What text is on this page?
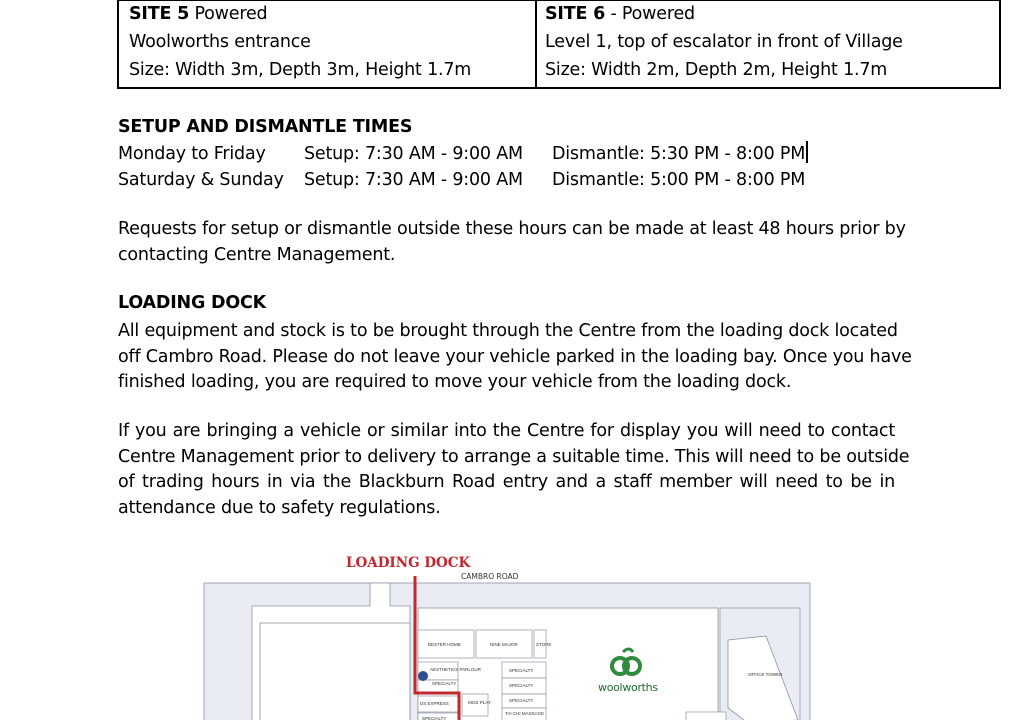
SITE 5 Powered
Woolworths entrance
Size: Width 3m, Depth 3m, Height 1.7m
SITE 6 - Powered
Level 1, top of escalator in front of Village
Size: Width 2m, Depth 2m, Height 1.7m
SETUP AND DISMANTLE TIMES
Monday to Friday Setup: 7:30 AM - 9:00 AM Dismantle: 5:30 PM - 8:00 PM
Saturday & Sunday Setup: 7:30 AM - 9:00 AM Dismantle: 5:00 PM - 8:00 PM
Requests for setup or dismantle outside these hours can be made at least 48 hours prior by
contacting Centre Management.
LOADING DOCK
All equipment and stock is to be brought through the Centre from the loading dock located
off Cambro Road. Please do not leave your vehicle parked in the loading bay. Once you have
finished loading, you are required to move your vehicle from the loading dock.
If you are bringing a vehicle or similar into the Centre for display you will need to contact
Centre Management prior to delivery to arrange a suitable time. This will need to be outside
of trading hours in via the Blackburn Road entry and a staff member will need to be in
attendance due to safety regulations.
BESTER HOME	NINE MAJOR	STORE
AESTHETICS PARLOUR
SPECIALTY
DS EXPRESS
SPECIALTY
KIDS PLAY
SPECIALTY
SPECIALTY
SPECIALTY
TAI CHI MASSAGE
OFFICE TOWER
LOADING DOCK
CAMBRO ROAD
woolworths
